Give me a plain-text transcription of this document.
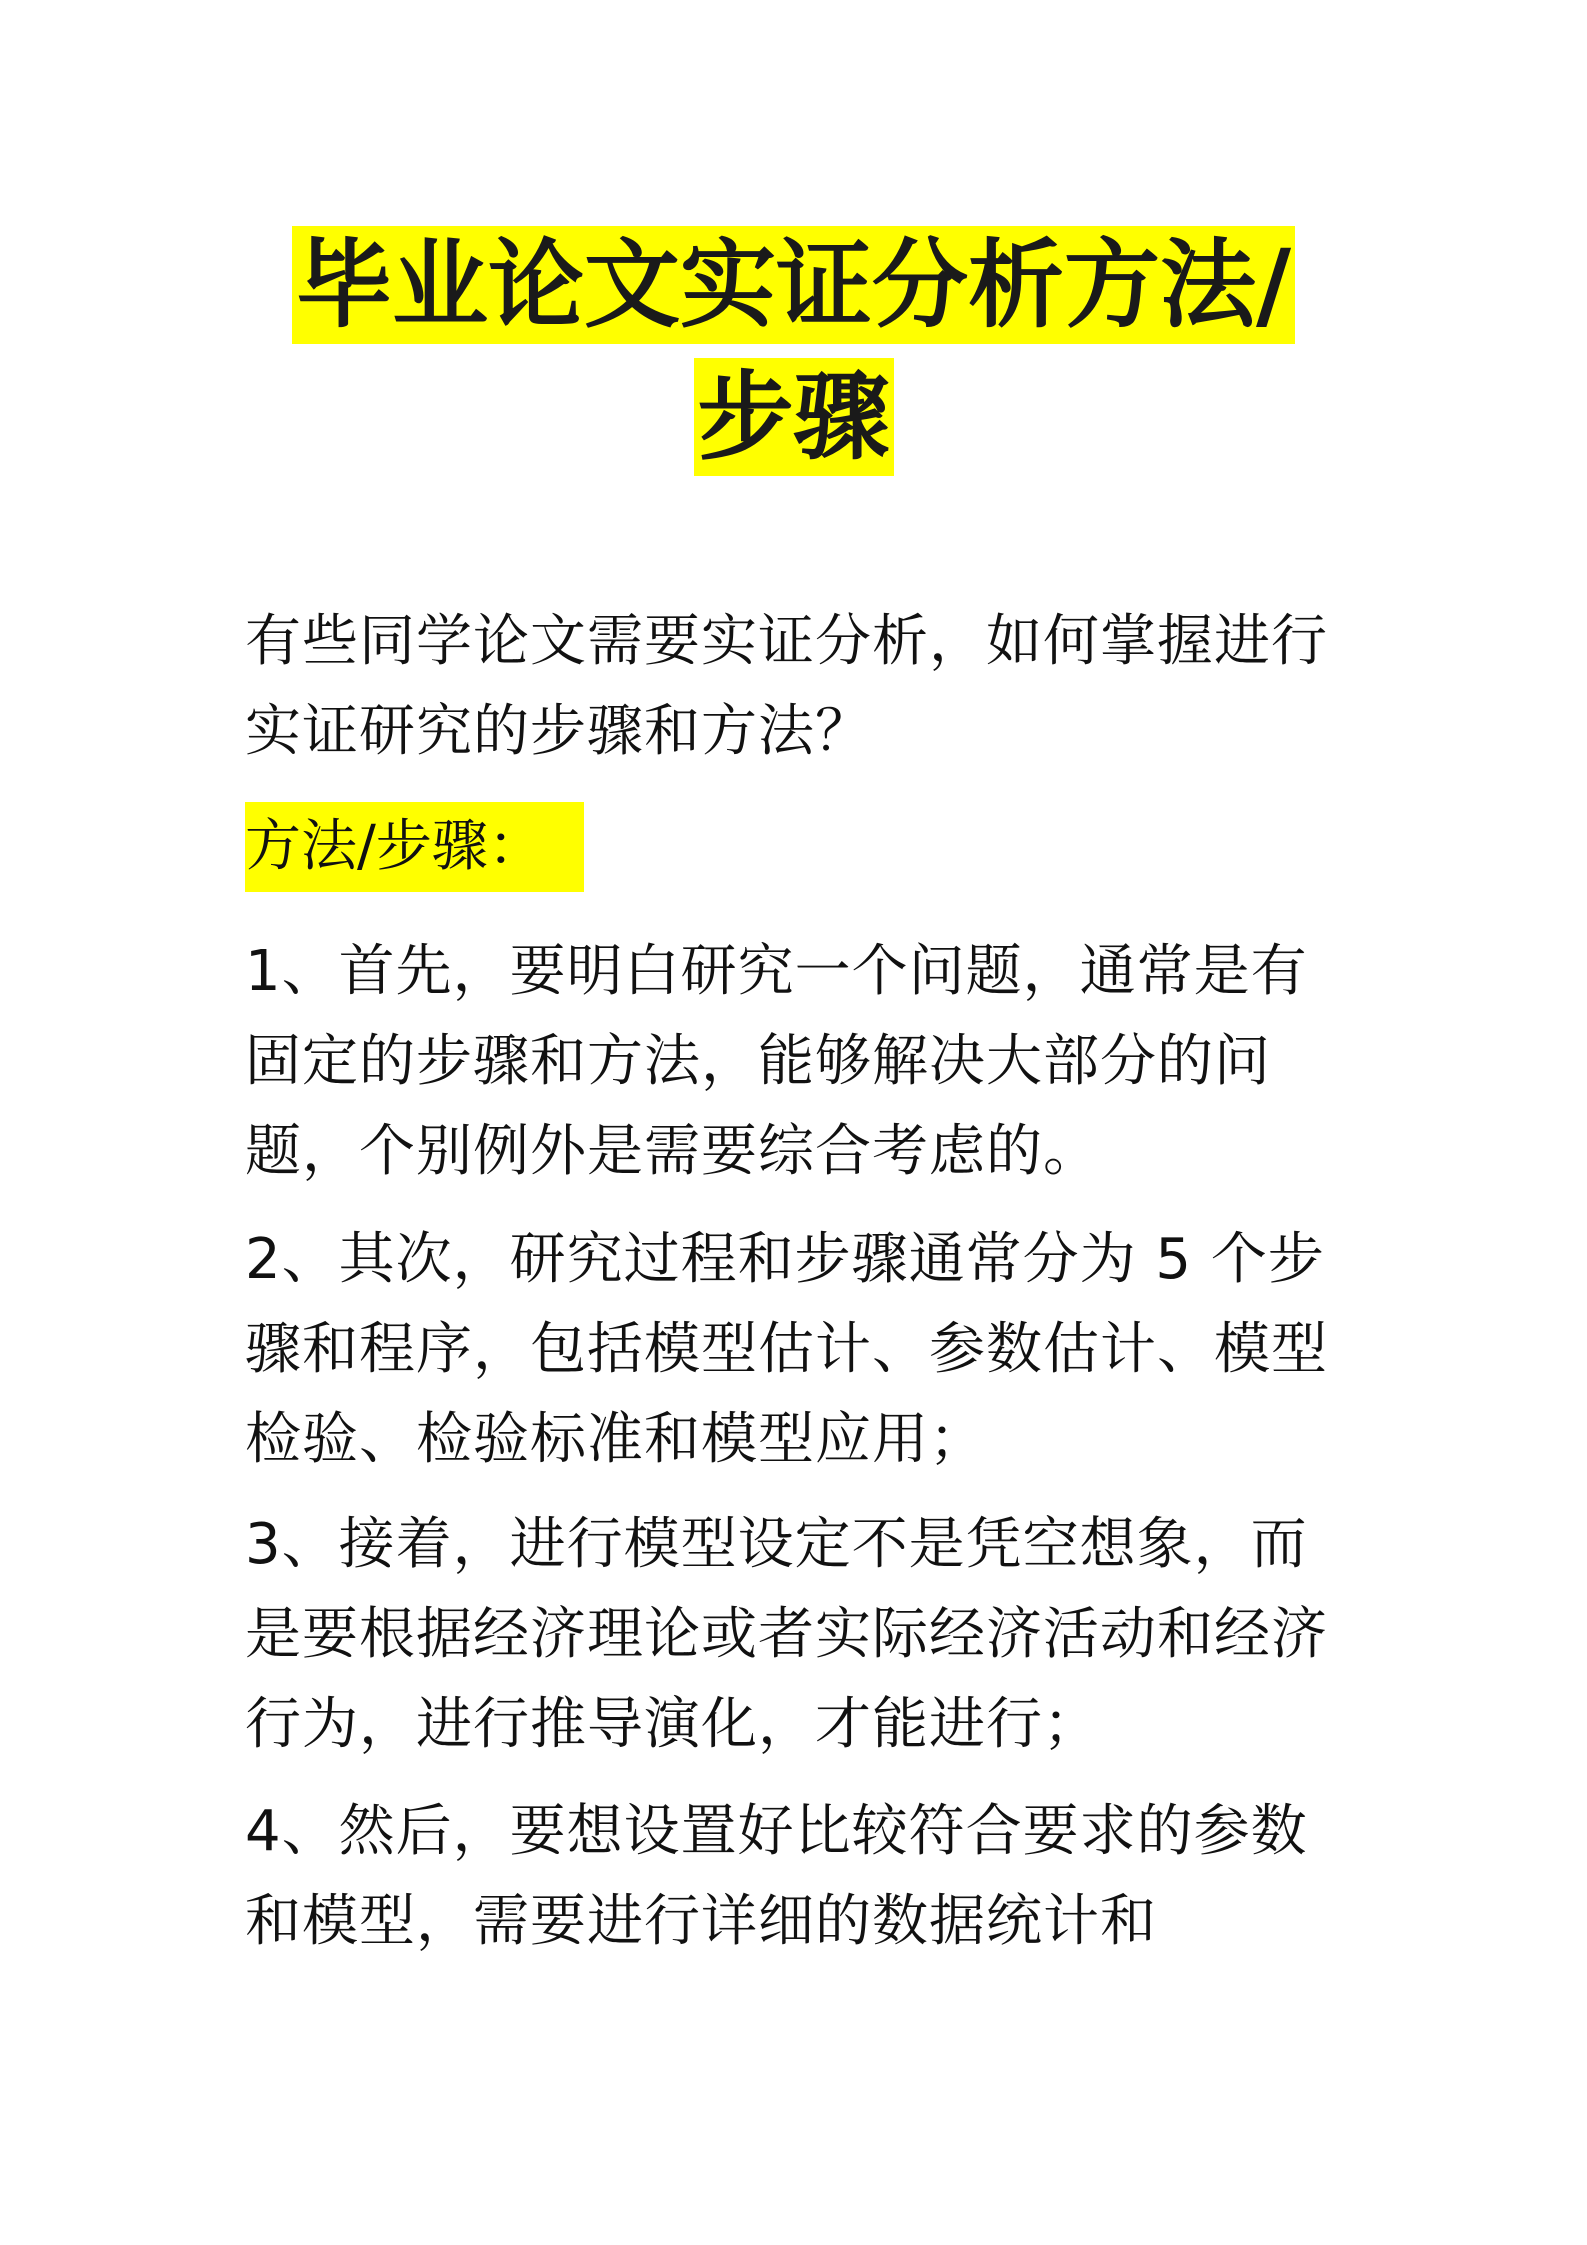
毕业论文实证分析方法/
步骤
有些同学论文需要实证分析，如何掌握进行实证研究的步骤和方法？
方法/步骤：
1、首先，要明白研究一个问题，通常是有固定的步骤和方法，能够解决大部分的问题，个别例外是需要综合考虑的。
2、其次，研究过程和步骤通常分为 5 个步骤和程序，包括模型估计、参数估计、模型检验、检验标准和模型应用；
3、接着，进行模型设定不是凭空想象，而是要根据经济理论或者实际经济活动和经济行为，进行推导演化，才能进行；
4、然后，要想设置好比较符合要求的参数和模型，需要进行详细的数据统计和
